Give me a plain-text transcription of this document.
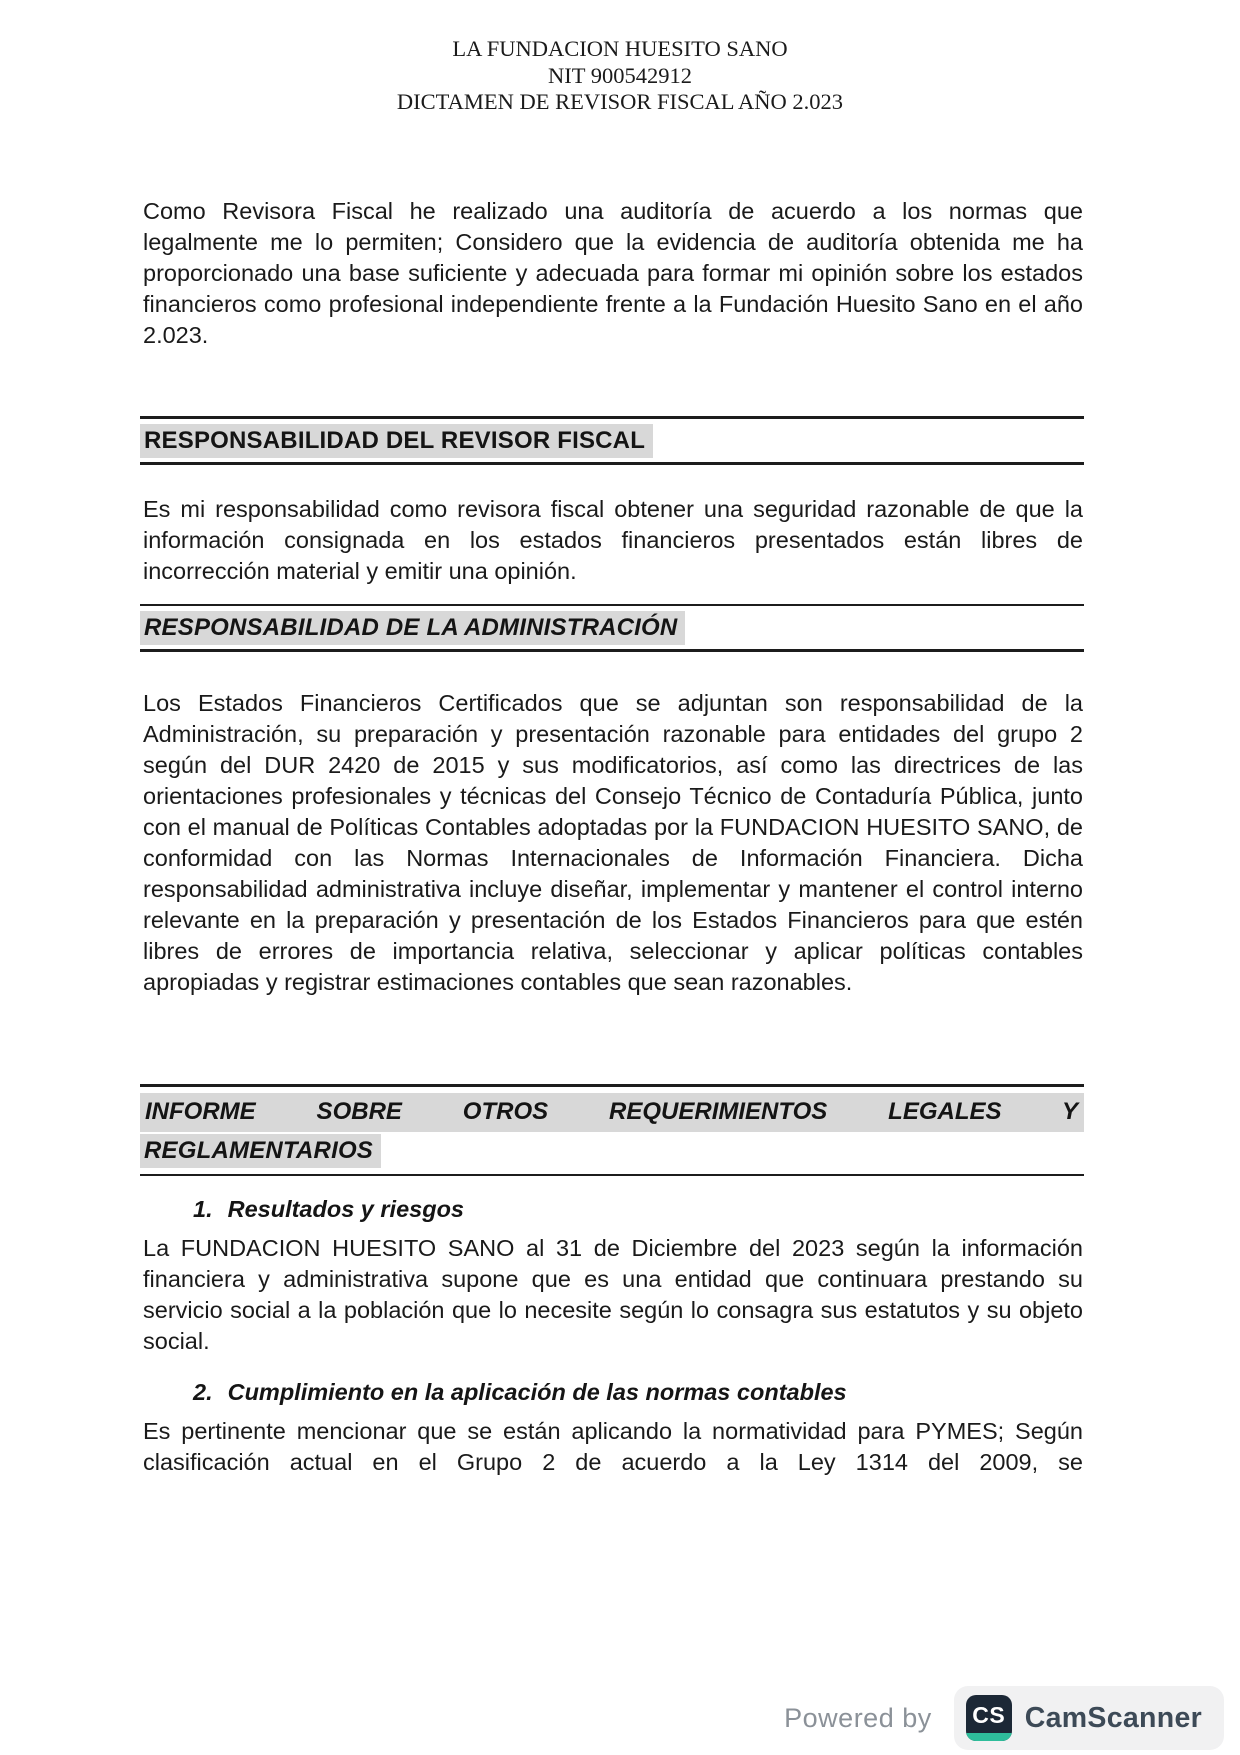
LA FUNDACION HUESITO SANO
NIT 900542912
DICTAMEN DE REVISOR FISCAL AÑO 2.023

Como Revisora Fiscal he realizado una auditoría de acuerdo a los normas que legalmente me lo permiten; Considero que la evidencia de auditoría obtenida me ha proporcionado una base suficiente y adecuada para formar mi opinión sobre los estados financieros como profesional independiente frente a la Fundación Huesito Sano en el año 2.023.

RESPONSABILIDAD DEL REVISOR FISCAL

Es mi responsabilidad como revisora fiscal obtener una seguridad razonable de que la información consignada en los estados financieros presentados están libres de incorrección material y emitir una opinión.

RESPONSABILIDAD DE LA ADMINISTRACIÓN

Los Estados Financieros Certificados que se adjuntan son responsabilidad de la Administración, su preparación y presentación razonable para entidades del grupo 2 según del DUR 2420 de 2015 y sus modificatorios, así como las directrices de las orientaciones profesionales y técnicas del Consejo Técnico de Contaduría Pública, junto con el manual de Políticas Contables adoptadas por la FUNDACION HUESITO SANO, de conformidad con las Normas Internacionales de Información Financiera. Dicha responsabilidad administrativa incluye diseñar, implementar y mantener el control interno relevante en la preparación y presentación de los Estados Financieros para que estén libres de errores de importancia relativa, seleccionar y aplicar políticas contables apropiadas y registrar estimaciones contables que sean razonables.

INFORME SOBRE OTROS REQUERIMIENTOS LEGALES Y
REGLAMENTARIOS

1. Resultados y riesgos

La FUNDACION HUESITO SANO al 31 de Diciembre del 2023 según la información financiera y administrativa supone que es una entidad que continuara prestando su servicio social a la población que lo necesite según lo consagra sus estatutos y su objeto social.

2. Cumplimiento en la aplicación de las normas contables

Es pertinente mencionar que se están aplicando la normatividad para PYMES; Según clasificación actual en el Grupo 2 de acuerdo a la Ley 1314 del 2009, se

Powered by CS CamScanner
